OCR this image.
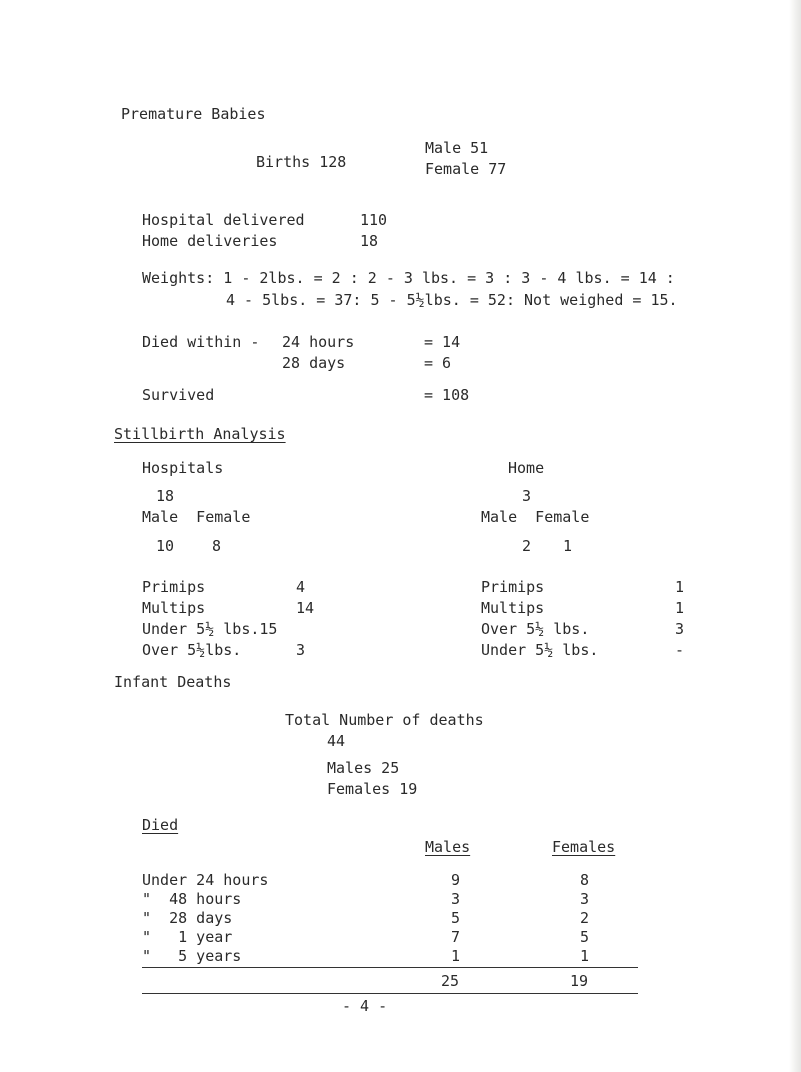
Premature Babies
Births 128
Male 51
Female 77
Hospital delivered	110
Home deliveries	18
Weights: 1 - 2lbs. = 2 : 2 - 3 lbs. = 3 : 3 - 4 lbs. = 14 :
4 - 5lbs. = 37: 5 - 5½lbs. = 52: Not weighed = 15.
Died within - 24 hours	= 14
28 days	= 6
Survived	= 108
Stillbirth Analysis
Hospitals
18
Male  Female
10	8
Primips	4
Multips	14
Under 5½ lbs.15
Over 5½lbs.	3
Home
3
Male  Female
2 1
Primips	1
Multips	1
Over 5½ lbs.	3
Under 5½ lbs.	-
Infant Deaths
Total Number of deaths
44
Males 25
Females 19
Died
Males	Females
Under 24 hours	9	8
"  48 hours	3	3
"  28 days	5	2
"   1 year	7	5
"   5 years	1	1
25	19
- 4 -
